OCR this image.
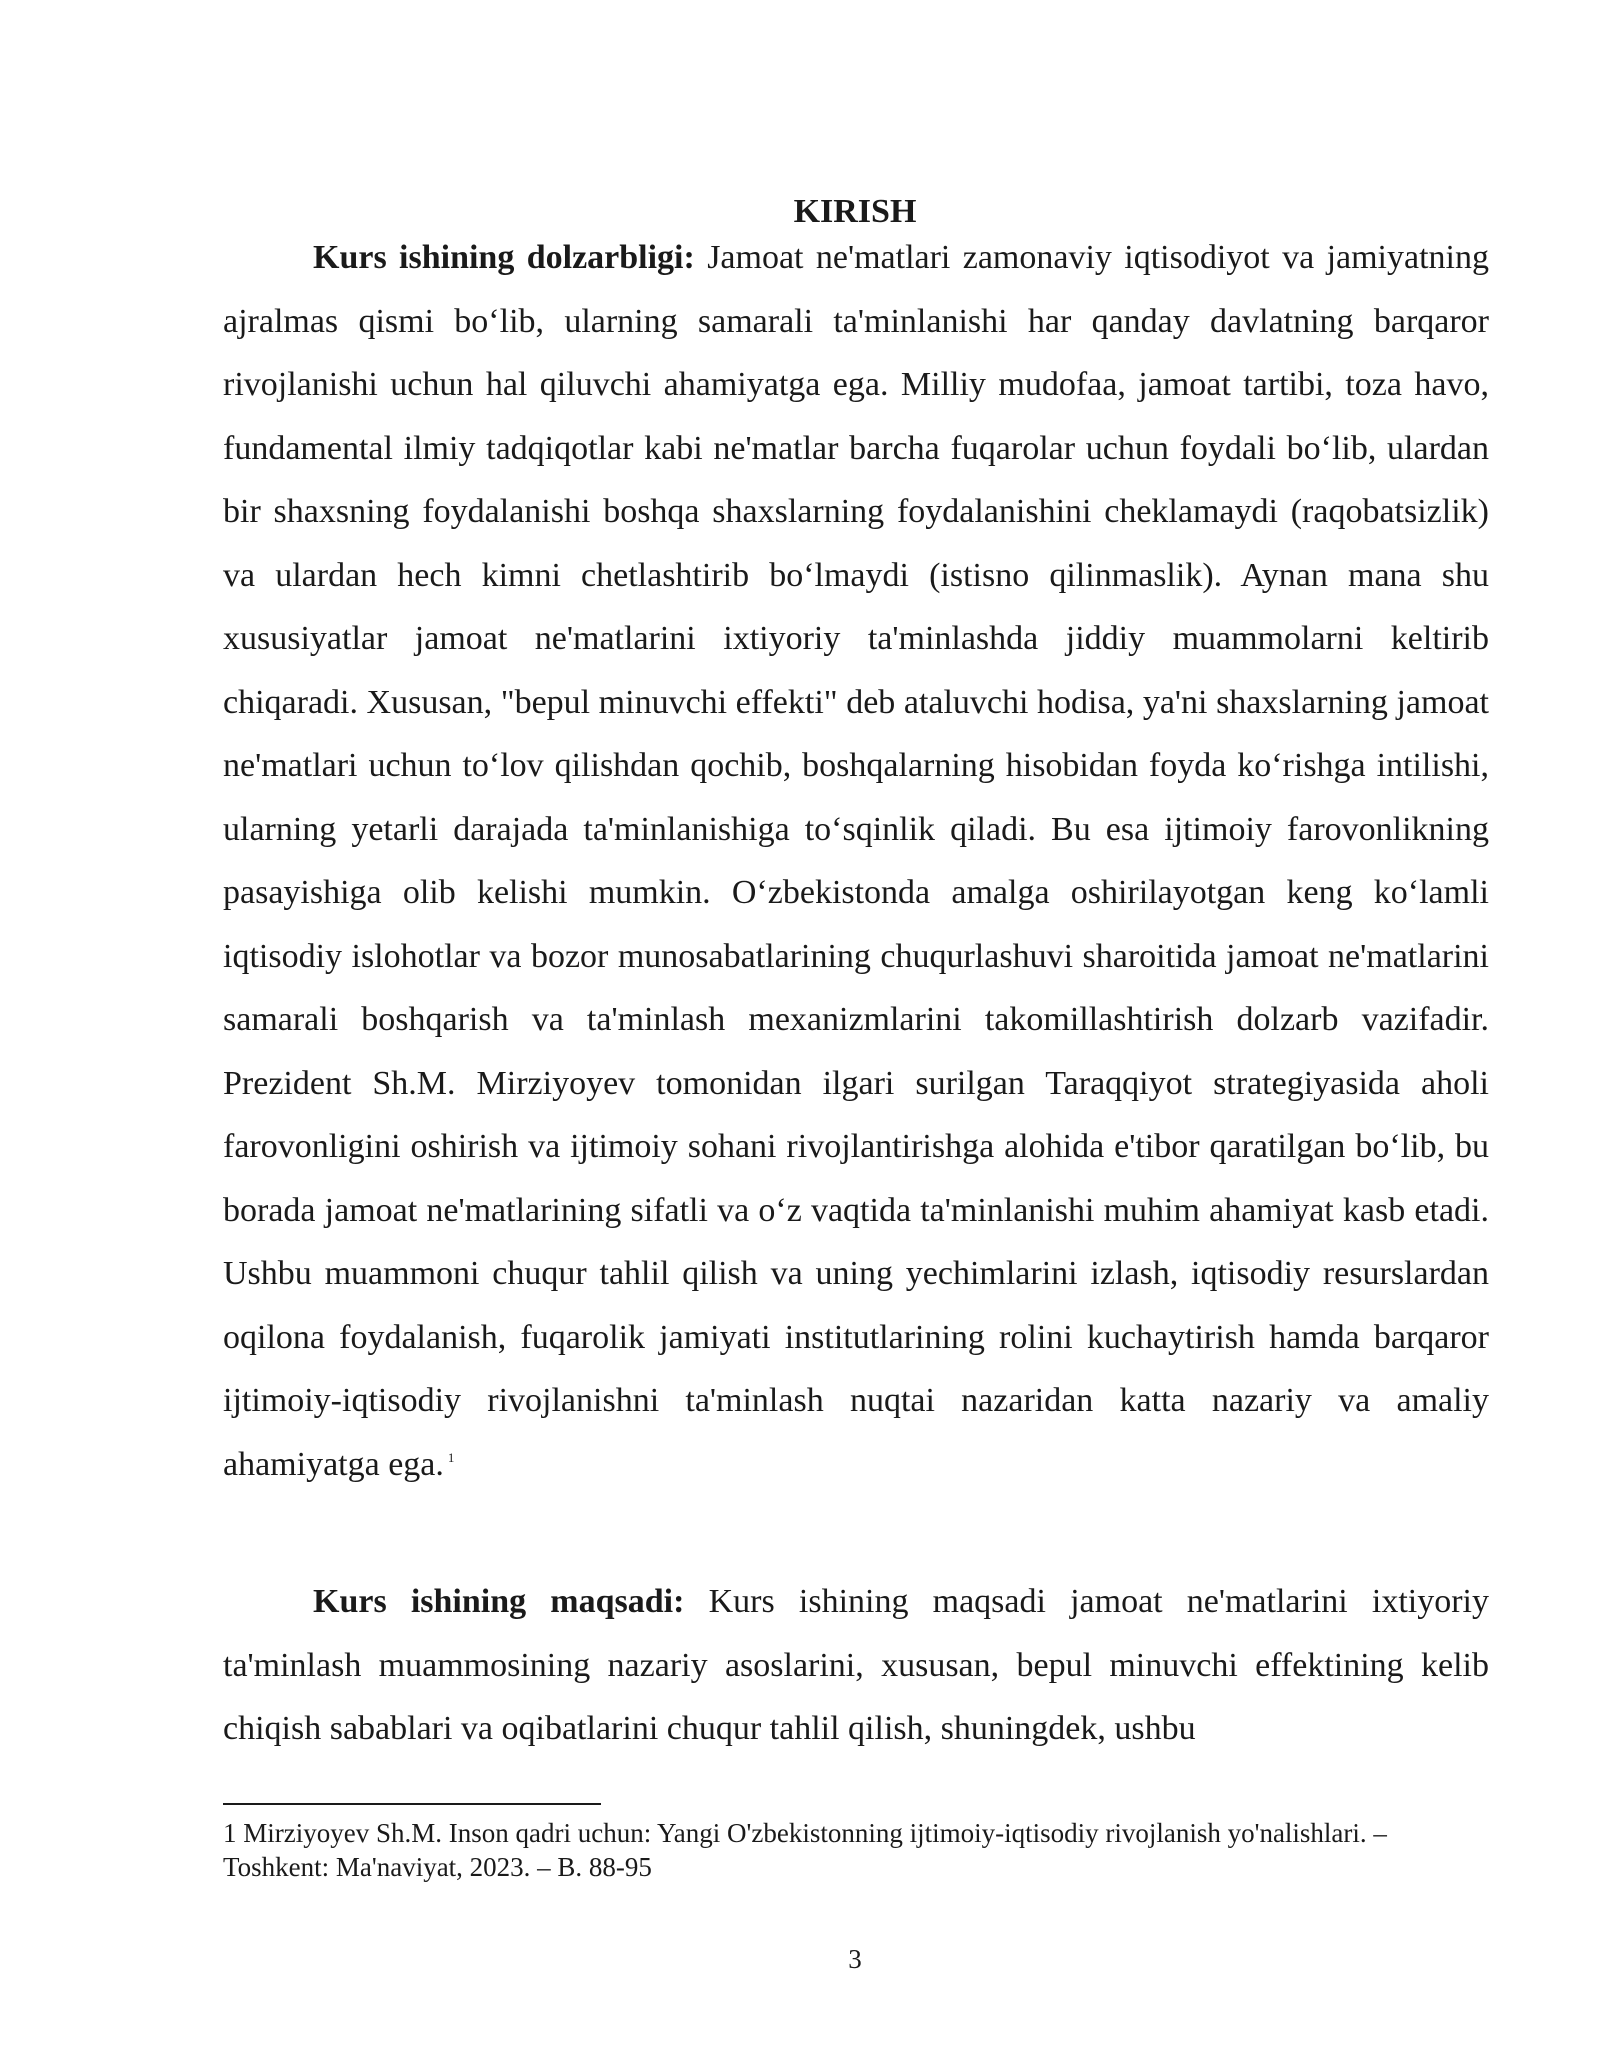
KIRISH

Kurs ishining dolzarbligi: Jamoat ne'matlari zamonaviy iqtisodiyot va jamiyatning ajralmas qismi bo‘lib, ularning samarali ta'minlanishi har qanday davlatning barqaror rivojlanishi uchun hal qiluvchi ahamiyatga ega. Milliy mudofaa, jamoat tartibi, toza havo, fundamental ilmiy tadqiqotlar kabi ne'matlar barcha fuqarolar uchun foydali bo‘lib, ulardan bir shaxsning foydalanishi boshqa shaxslarning foydalanishini cheklamaydi (raqobatsizlik) va ulardan hech kimni chetlashtirib bo‘lmaydi (istisno qilinmaslik). Aynan mana shu xususiyatlar jamoat ne'matlarini ixtiyoriy ta'minlashda jiddiy muammolarni keltirib chiqaradi. Xususan, "bepul minuvchi effekti" deb ataluvchi hodisa, ya'ni shaxslarning jamoat ne'matlari uchun to‘lov qilishdan qochib, boshqalarning hisobidan foyda ko‘rishga intilishi, ularning yetarli darajada ta'minlanishiga to‘sqinlik qiladi. Bu esa ijtimoiy farovonlikning pasayishiga olib kelishi mumkin. O‘zbekistonda amalga oshirilayotgan keng ko‘lamli iqtisodiy islohotlar va bozor munosabatlarining chuqurlashuvi sharoitida jamoat ne'matlarini samarali boshqarish va ta'minlash mexanizmlarini takomillashtirish dolzarb vazifadir. Prezident Sh.M. Mirziyoyev tomonidan ilgari surilgan Taraqqiyot strategiyasida aholi farovonligini oshirish va ijtimoiy sohani rivojlantirishga alohida e'tibor qaratilgan bo‘lib, bu borada jamoat ne'matlarining sifatli va o‘z vaqtida ta'minlanishi muhim ahamiyat kasb etadi. Ushbu muammoni chuqur tahlil qilish va uning yechimlarini izlash, iqtisodiy resurslardan oqilona foydalanish, fuqarolik jamiyati institutlarining rolini kuchaytirish hamda barqaror ijtimoiy-iqtisodiy rivojlanishni ta'minlash nuqtai nazaridan katta nazariy va amaliy ahamiyatga ega. $^1$

Kurs ishining maqsadi: Kurs ishining maqsadi jamoat ne'matlarini ixtiyoriy ta'minlash muammosining nazariy asoslarini, xususan, bepul minuvchi effektining kelib chiqish sabablari va oqibatlarini chuqur tahlil qilish, shuningdek, ushbu

1 Mirziyoyev Sh.M. Inson qadri uchun: Yangi O'zbekistonning ijtimoiy-iqtisodiy rivojlanish yo'nalishlari. – Toshkent: Ma'naviyat, 2023. – B. 88-95

3
